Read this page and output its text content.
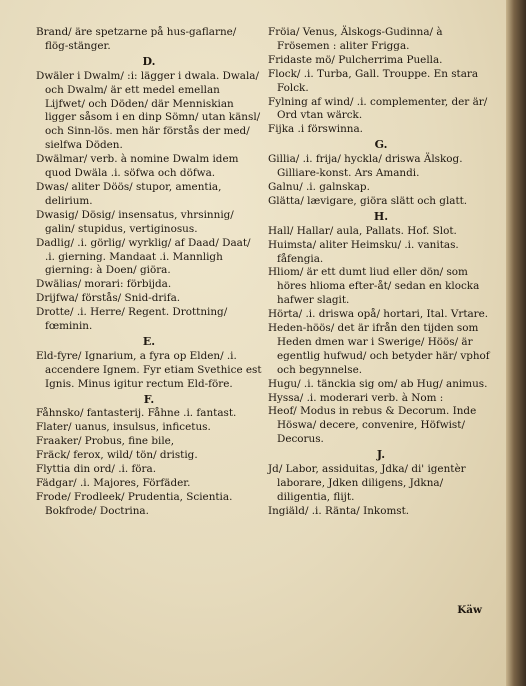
Brand/ äre spetzarne på hus-gaflarne/ flög-stänger.

D.

Dwäler i Dwalm/ :i: lägger i dwala. Dwala/ och Dwalm/ är ett medel emellan Lijfwet/ och Döden/ där Menniskian ligger såsom i en dinp Sömn/ utan känsl/ och Sinn-lös. men här förstås der med/ sielfwa Döden.

Dwälmar/ verb. à nomine Dwalm idem quod Dwäla .i. söfwa och döfwa.

Dwas/ aliter Döös/ stupor, amentia, delirium.

Dwasig/ Dösig/ insensatus, vhrsinnig/ galin/ stupidus, vertiginosus.

Dadlig/ .i. görlig/ wyrklig/ af Daad/ Daat/ .i. gierning. Mandaat .i. Mannligh gierning: à Doen/ giöra.

Dwälias/ morari: förbijda.

Drijfwa/ förstås/ Snid-drifa.

Drotte/ .i. Herre/ Regent. Drottning/ fœminin.

E.

Eld-fyre/ Ignarium, a fyra op Elden/ .i. accendere Ignem. Fyr etiam Svethice est Ignis. Minus igitur rectum Eld-före.

F.

Fåhnsko/ fantasterij. Fåhne .i. fantast.

Flater/ uanus, insulsus, inficetus.

Fraaker/ Probus, fine bile,

Fräck/ ferox, wild/ tön/ dristig.

Flyttia din ord/ .i. föra.

Fädgar/ .i. Majores, Förfäder.

Frode/ Frodleek/ Prudentia, Scientia. Bokfrode/ Doctrina.

Fröia/ Venus, Älskogs-Gudinna/ à Frösemen : aliter Frigga.

Fridaste mö/ Pulcherrima Puella.

Flock/ .i. Turba, Gall. Trouppe. En stara Folck.

Fylning af wind/ .i. complementer, der är/ Ord vtan wärck.

Fijka .i förswinna.

G.

Gillia/ .i. frija/ hyckla/ driswa Älskog. Gilliare-konst. Ars Amandi.

Galnu/ .i. galnskap.

Glätta/ lævigare, giöra slätt och glatt.

H.

Hall/ Hallar/ aula, Pallats. Hof. Slot.

Huimsta/ aliter Heimsku/ .i. vanitas. fåfengia.

Hliom/ är ett dumt liud eller dön/ som höres hlioma efter-åt/ sedan en klocka hafwer slagit.

Hörta/ .i. driswa opå/ hortari, Ital. Vrtare.

Heden-höös/ det är ifrån den tijden som Heden dmen war i Swerige/ Höös/ är egentlig hufwud/ och betyder här/ vphof och begynnelse.

Hugu/ .i. tänckia sig om/ ab Hug/ animus.

Hyssa/ .i. moderari verb. à Nom :

Heof/ Modus in rebus & Decorum. Inde Höswa/ decere, convenire, Höfwist/ Decorus.

J.

Jd/ Labor, assiduitas, Jdka/ di' igentèr laborare, Jdken diligens, Jdkna/ diligentia, flijt.

Ingiäld/ .i. Ränta/ Inkomst.

Käw
